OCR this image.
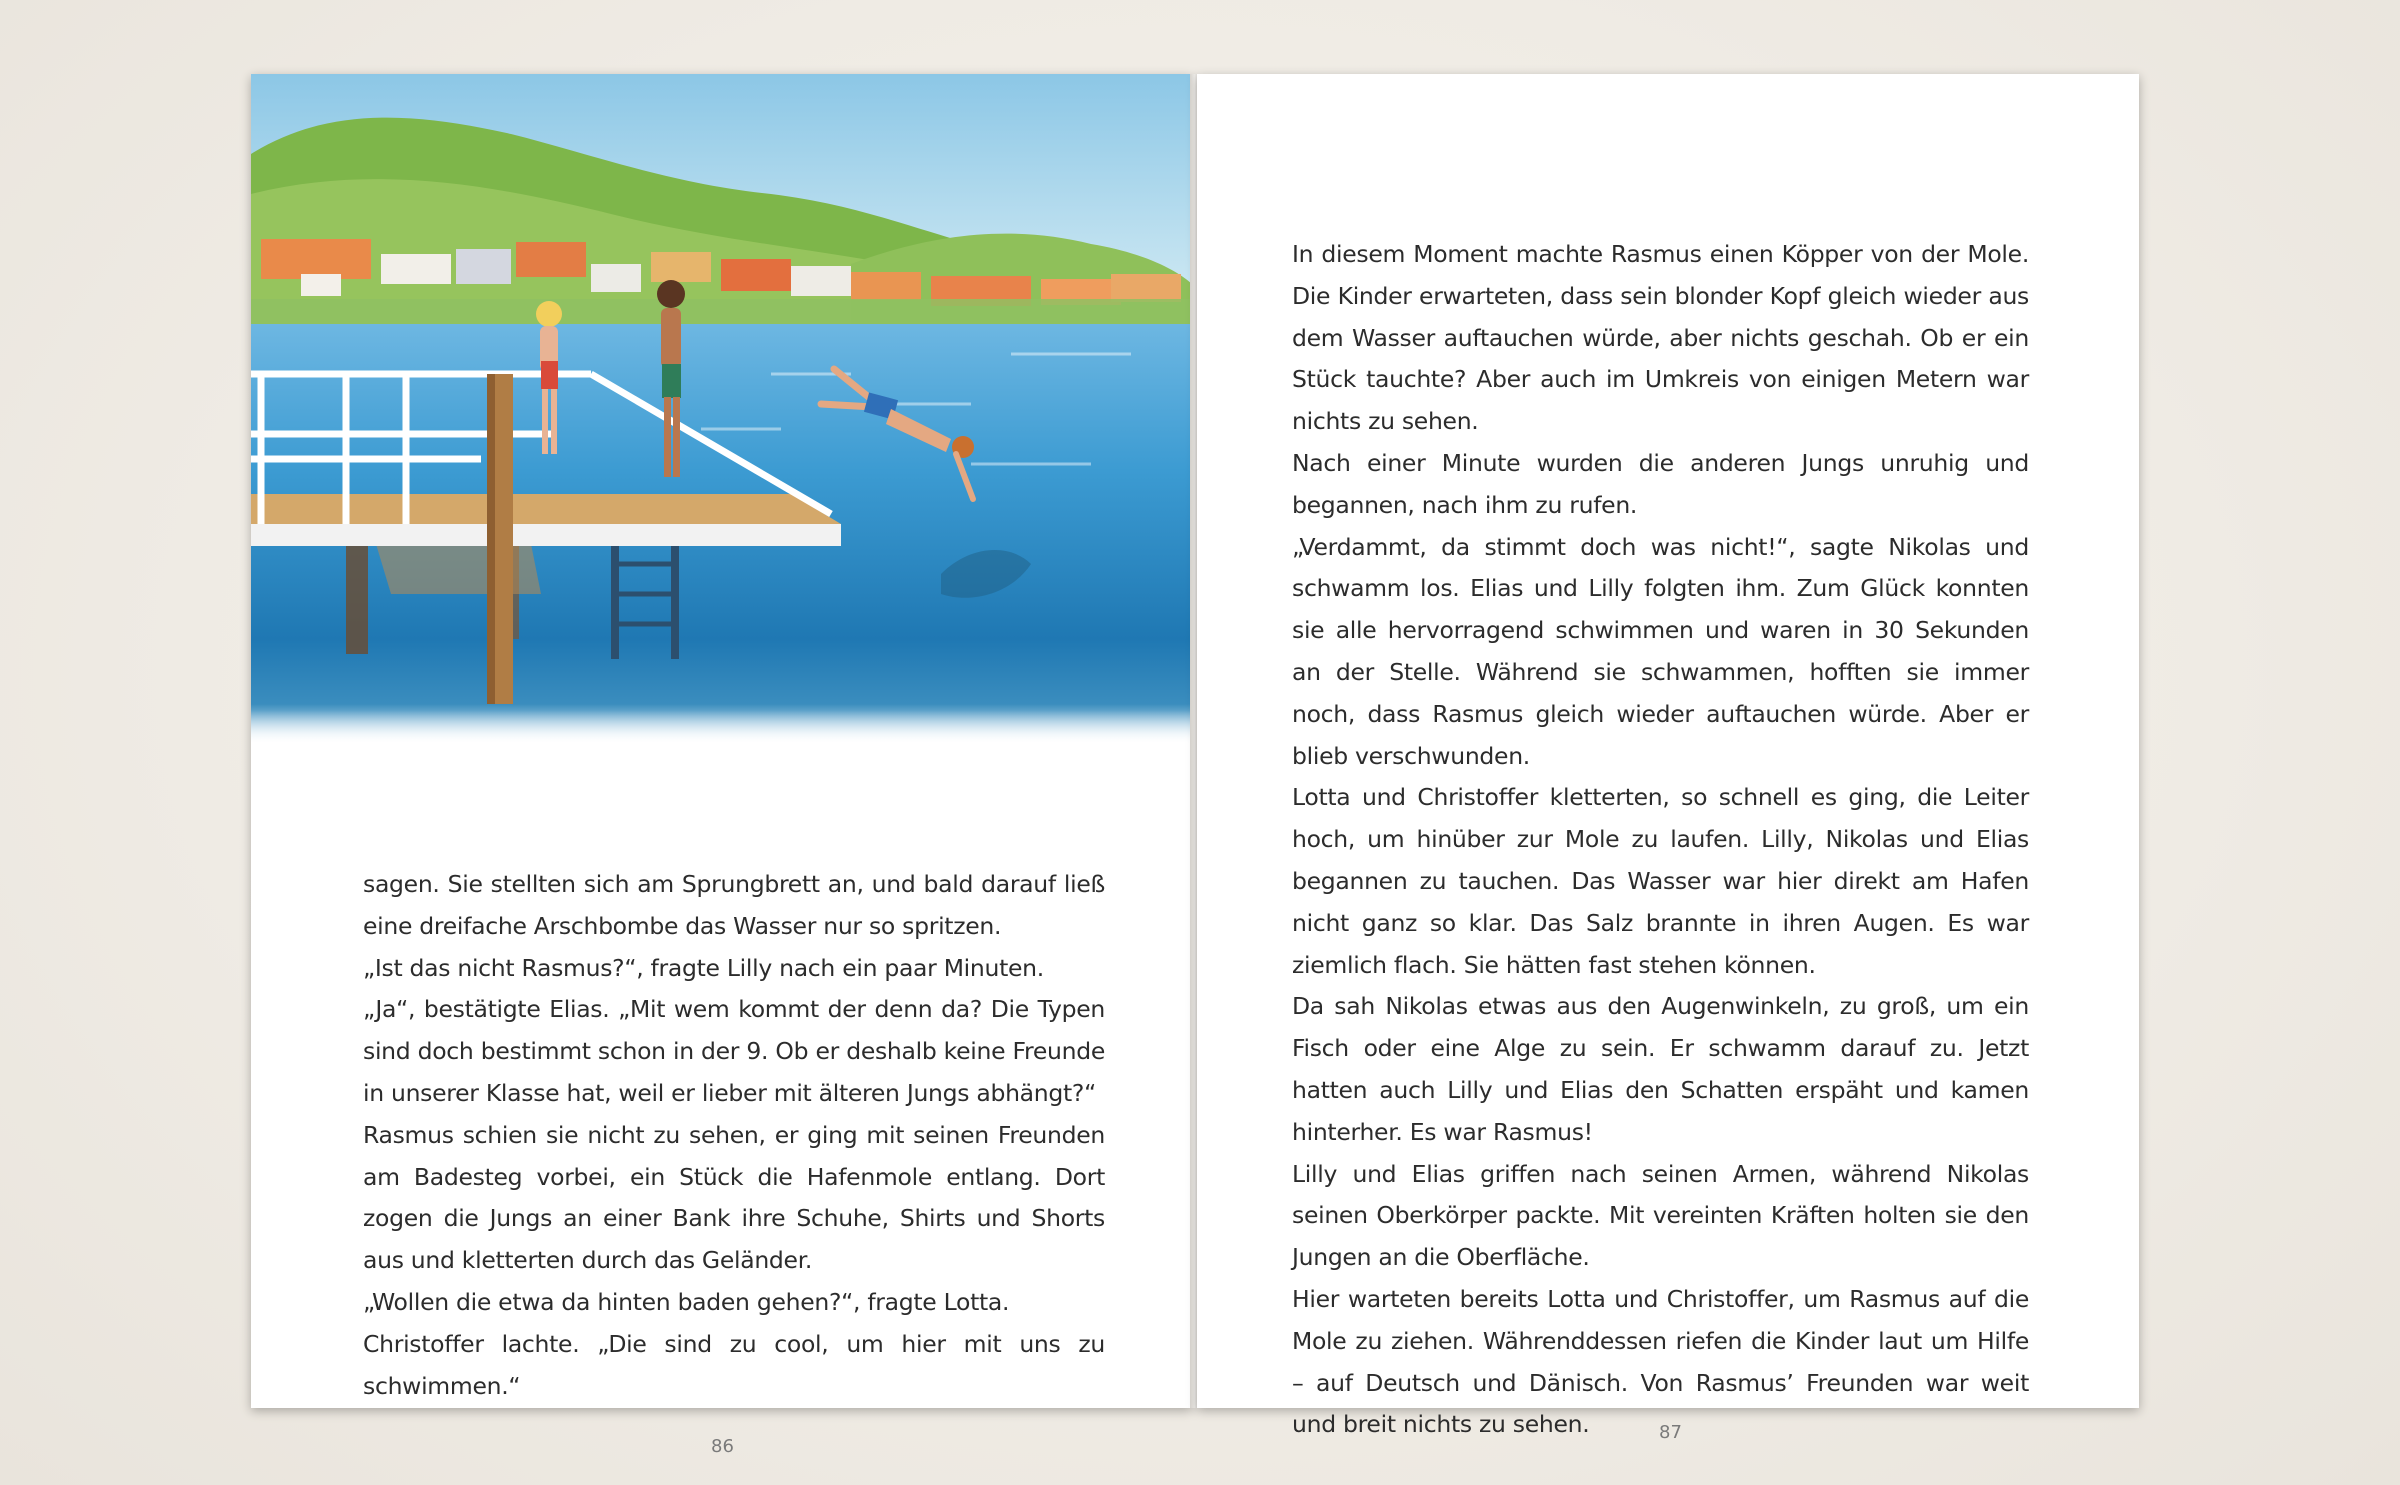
sagen. Sie stellten sich am Sprungbrett an, und bald darauf ließ eine dreifache Arschbombe das Wasser nur so spritzen.

„Ist das nicht Rasmus?“, fragte Lilly nach ein paar Minuten.

„Ja“, bestätigte Elias. „Mit wem kommt der denn da? Die Typen sind doch bestimmt schon in der 9. Ob er deshalb keine Freunde in unserer Klasse hat, weil er lieber mit älteren Jungs abhängt?“

Rasmus schien sie nicht zu sehen, er ging mit seinen Freunden am Badesteg vorbei, ein Stück die Hafenmole entlang. Dort zogen die Jungs an einer Bank ihre Schuhe, Shirts und Shorts aus und kletterten durch das Geländer.

„Wollen die etwa da hinten baden gehen?“, fragte Lotta.

Christoffer lachte. „Die sind zu cool, um hier mit uns zu schwimmen.“

86

In diesem Moment machte Rasmus einen Köpper von der Mole. Die Kinder erwarteten, dass sein blonder Kopf gleich wieder aus dem Wasser auftauchen würde, aber nichts geschah. Ob er ein Stück tauchte? Aber auch im Umkreis von einigen Metern war nichts zu sehen.

Nach einer Minute wurden die anderen Jungs unruhig und begannen, nach ihm zu rufen.

„Verdammt, da stimmt doch was nicht!“, sagte Nikolas und schwamm los. Elias und Lilly folgten ihm. Zum Glück konnten sie alle hervorragend schwimmen und waren in 30 Sekunden an der Stelle. Während sie schwammen, hofften sie immer noch, dass Rasmus gleich wieder auftauchen würde. Aber er blieb verschwunden.

Lotta und Christoffer kletterten, so schnell es ging, die Leiter hoch, um hinüber zur Mole zu laufen. Lilly, Nikolas und Elias begannen zu tauchen. Das Wasser war hier direkt am Hafen nicht ganz so klar. Das Salz brannte in ihren Augen. Es war ziemlich flach. Sie hätten fast stehen können.

Da sah Nikolas etwas aus den Augenwinkeln, zu groß, um ein Fisch oder eine Alge zu sein. Er schwamm darauf zu. Jetzt hatten auch Lilly und Elias den Schatten erspäht und kamen hinterher. Es war Rasmus!

Lilly und Elias griffen nach seinen Armen, während Nikolas seinen Oberkörper packte. Mit vereinten Kräften holten sie den Jungen an die Oberfläche.

Hier warteten bereits Lotta und Christoffer, um Rasmus auf die Mole zu ziehen. Währenddessen riefen die Kinder laut um Hilfe – auf Deutsch und Dänisch. Von Rasmus’ Freunden war weit und breit nichts zu sehen.	87
